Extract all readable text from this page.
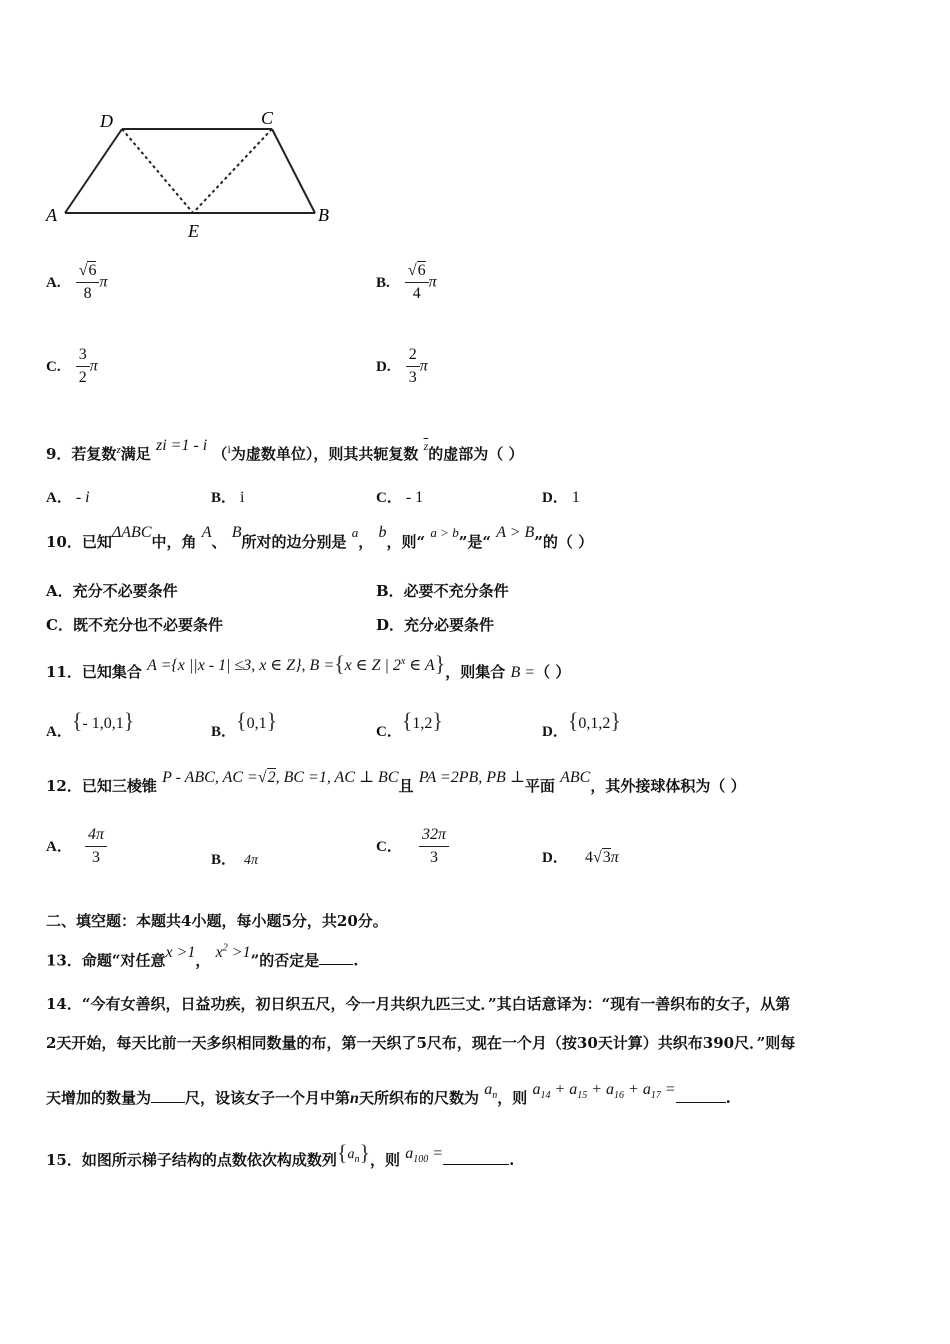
A
D	C
B
E
A. $\frac{√6}{8}$ π	B. $\frac{√6}{4}$ π
C. $\frac{3}{2}$ π	D. $\frac{2}{3}$ π
9．若复数$^z$满足 zi =1 - i （$^i$为虚数单位），则其共轭复数 $^{\overline{z}}$的虚部为（ ）
A． - i	B． i	C． - 1	D． 1
10．已知ΔABC中，角 A、 B所对的边分别是 a， b，则“ a > b”是“ A > B”的（ ）
A．充分不必要条件	B．必要不充分条件
C．既不充分也不必要条件	D．充分必要条件
11．已知集合 A ={x ||x - 1| ≤3, x ∈ Z}, B ={x ∈ Z | 2$^x$ ∈ A}，则集合 B =（ ）
A．{- 1,0,1}	B．{0,1}	C．{1,2}	D．{0,1,2}
12．已知三棱锥 P - ABC, AC =√2, BC =1, AC ⊥ BC且 PA =2PB, PB ⊥平面 ABC，其外接球体积为（ ）
A． $\frac{4\pi}{3}$	B． 4π
C． $\frac{32\pi}{3}$	D． 4√3π
二、填空题：本题共4小题，每小题5分，共20分。
13．命题“对任意x >1， $x^2 >1$”的否定是 .
14．“今有女善织，日益功疾，初日织五尺，今一月共织九匹三丈．”其白话意译为：“现有一善织布的女子，从第
2天开始，每天比前一天多织相同数量的布，第一天织了5尺布，现在一个月（按30天计算）共织布390尺．”则每
天增加的数量为 尺，设该女子一个月中第n天所织布的尺数为 $a_n$，则 $a_{14} + a_{15} + a_{16} + a_{17}$ =	.
15．如图所示梯子结构的点数依次构成数列$\{a_n\}$，则 $a_{100}$ =	.
